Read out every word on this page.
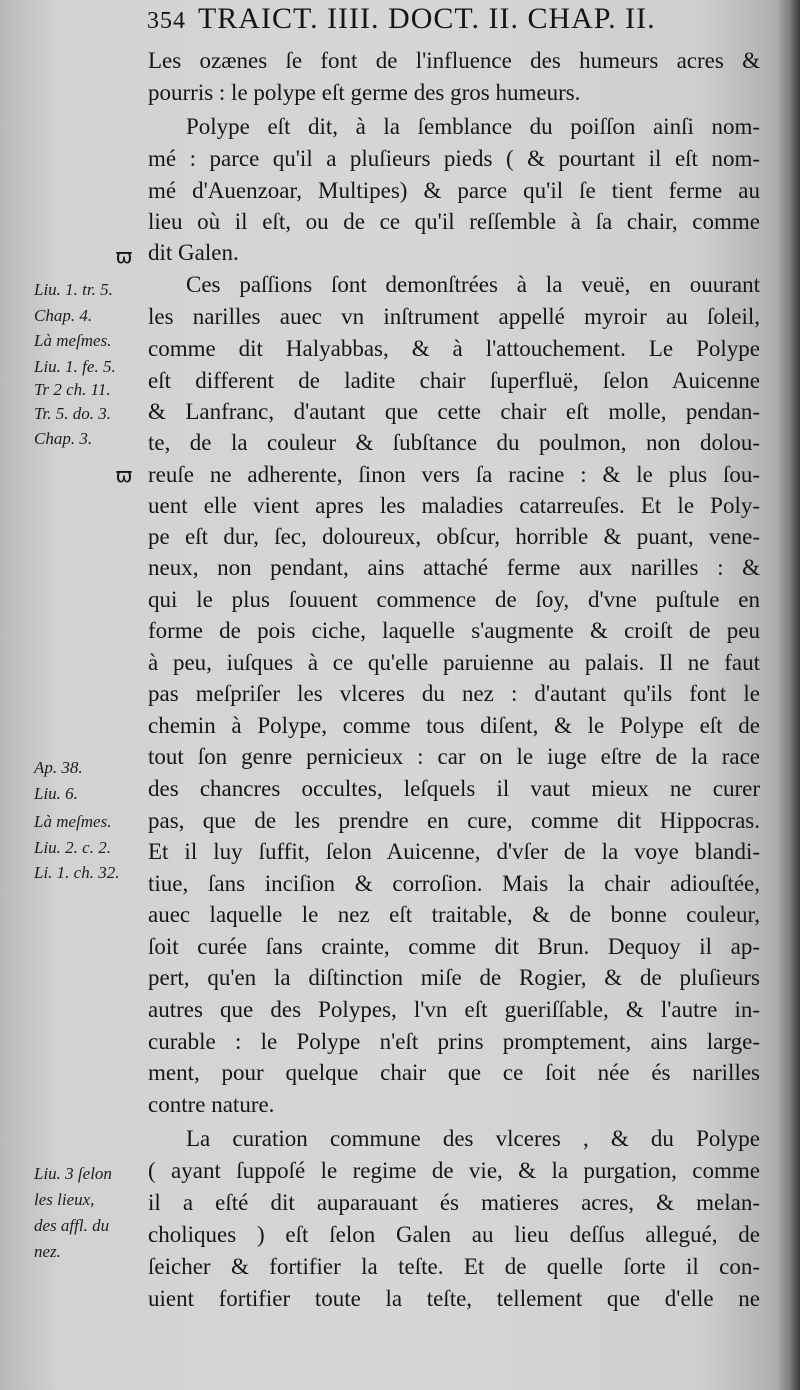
354 TRAICT. IIII. DOCT. II. CHAP. II.
Les ozænes ſe font de l'influence des humeurs acres &
pourris : le polype eſt germe des gros humeurs.
Polype eſt dit, à la ſemblance du poiſſon ainſi nom-
mé : parce qu'il a pluſieurs pieds ( & pourtant il eſt nom-
mé d'Auenzoar, Multipes) & parce qu'il ſe tient ferme au
lieu où il eſt, ou de ce qu'il reſſemble à ſa chair, comme
dit Galen.
Ces paſſions ſont demonſtrées à la veuë, en ouurant
les narilles auec vn inſtrument appellé myroir au ſoleil,
comme dit Halyabbas, & à l'attouchement. Le Polype
eſt different de ladite chair ſuperfluë, ſelon Auicenne
& Lanfranc, d'autant que cette chair eſt molle, pendan-
te, de la couleur & ſubſtance du poulmon, non dolou-
reuſe ne adherente, ſinon vers ſa racine : & le plus ſou-
uent elle vient apres les maladies catarreuſes. Et le Poly-
pe eſt dur, ſec, doloureux, obſcur, horrible & puant, vene-
neux, non pendant, ains attaché ferme aux narilles : &
qui le plus ſouuent commence de ſoy, d'vne puſtule en
forme de pois ciche, laquelle s'augmente & croiſt de peu
à peu, iuſques à ce qu'elle paruienne au palais. Il ne faut
pas meſpriſer les vlceres du nez : d'autant qu'ils font le
chemin à Polype, comme tous diſent, & le Polype eſt de
tout ſon genre pernicieux : car on le iuge eſtre de la race
des chancres occultes, leſquels il vaut mieux ne curer
pas, que de les prendre en cure, comme dit Hippocras.
Et il luy ſuffit, ſelon Auicenne, d'vſer de la voye blandi-
tiue, ſans inciſion & corroſion. Mais la chair adiouſtée,
auec laquelle le nez eſt traitable, & de bonne couleur,
ſoit curée ſans crainte, comme dit Brun. Dequoy il ap-
pert, qu'en la diſtinction miſe de Rogier, & de pluſieurs
autres que des Polypes, l'vn eſt gueriſſable, & l'autre in-
curable : le Polype n'eſt prins promptement, ains large-
ment, pour quelque chair que ce ſoit née és narilles
contre nature.
La curation commune des vlceres , & du Polype
( ayant ſuppoſé le regime de vie, & la purgation, comme
il a eſté dit auparauant és matieres acres, & melan-
choliques ) eſt ſelon Galen au lieu deſſus allegué, de
ſeicher & fortifier la teſte. Et de quelle ſorte il con-
uient fortifier toute la teſte, tellement que d'elle ne
ϖ
ϖ
Liu. 1. tr. 5.
Chap. 4.
Là meſmes.
Liu. 1. fe. 5.
Tr 2 ch. 11.
Tr. 5. do. 3.
Chap. 3.
Ap. 38.
Liu. 6.
Là meſmes.
Liu. 2. c. 2.
Li. 1. ch. 32.
Liu. 3 ſelon
les lieux,
des affl. du
nez.
